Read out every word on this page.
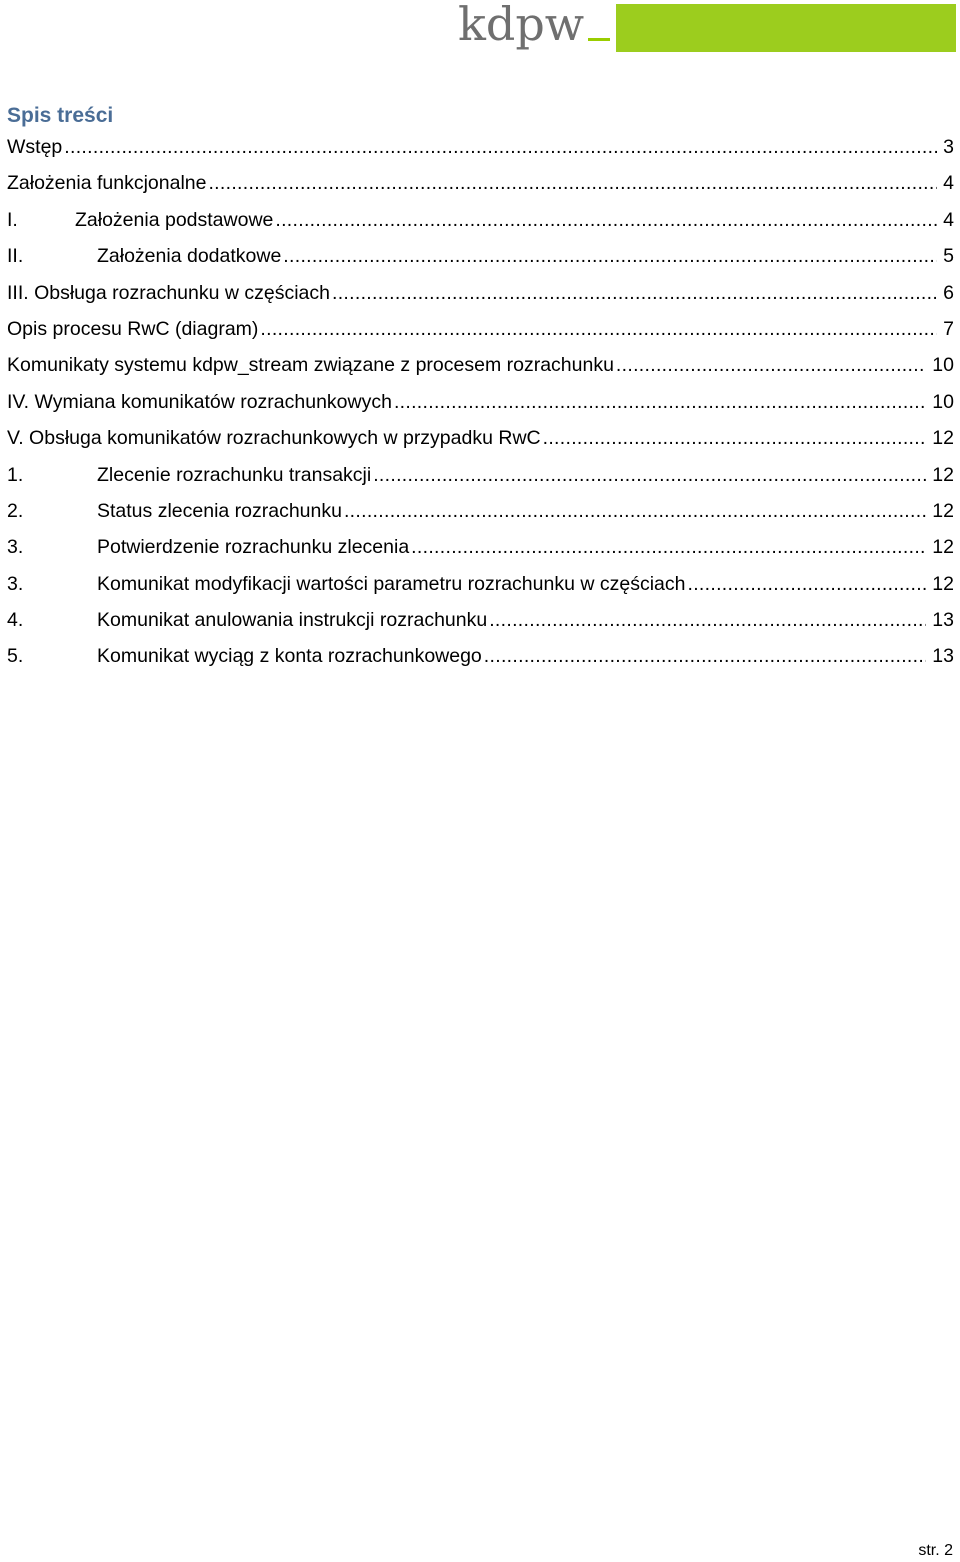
kdpw
Spis treści
Wstęp .....	3
Założenia funkcjonalne .....	4
I.	Założenia podstawowe .....	4
II.	Założenia dodatkowe .....	5
III. Obsługa rozrachunku w częściach .....	6
Opis procesu RwC (diagram) .....	7
Komunikaty systemu kdpw_stream związane z procesem rozrachunku .....	10
IV. Wymiana komunikatów rozrachunkowych .....	10
V. Obsługa komunikatów rozrachunkowych w przypadku RwC .....	12
1.	Zlecenie rozrachunku transakcji .....	12
2.	Status zlecenia rozrachunku .....	12
3.	Potwierdzenie rozrachunku zlecenia .....	12
3.	Komunikat modyfikacji wartości parametru rozrachunku w częściach .....	12
4.	Komunikat anulowania instrukcji rozrachunku .....	13
5.	Komunikat wyciąg z konta rozrachunkowego .....	13
str. 2
